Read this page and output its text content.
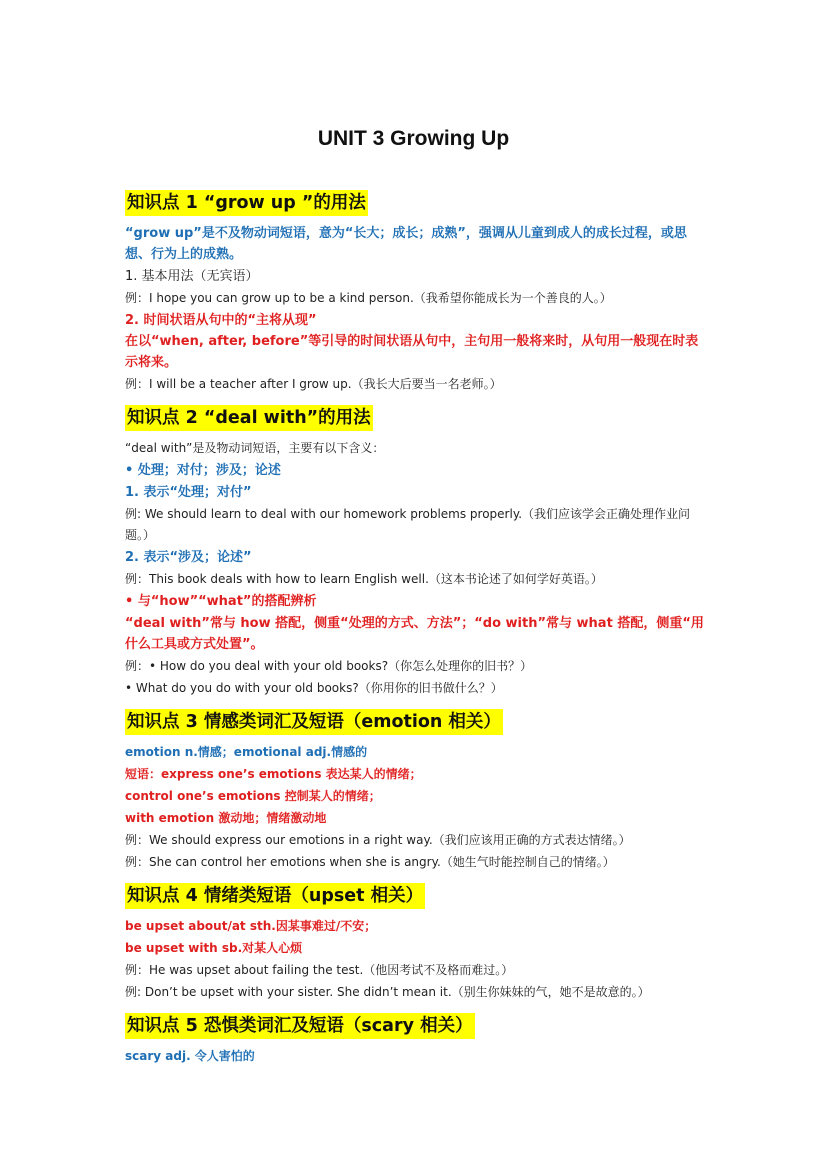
UNIT 3 Growing Up
知识点 1 “grow up ”的用法
“grow up”是不及物动词短语，意为“长大；成长；成熟”，强调从儿童到成人的成长过程，或思想、行为上的成熟。
1. 基本用法（无宾语）
例：I hope you can grow up to be a kind person.（我希望你能成长为一个善良的人。）
2. 时间状语从句中的“主将从现”
在以“when, after, before”等引导的时间状语从句中，主句用一般将来时，从句用一般现在时表示将来。
例：I will be a teacher after I grow up.（我长大后要当一名老师。）
知识点 2 “deal with”的用法
“deal with”是及物动词短语，主要有以下含义：
• 处理；对付；涉及；论述
1. 表示“处理；对付”
例: We should learn to deal with our homework problems properly.（我们应该学会正确处理作业问题。）
2. 表示“涉及；论述”
例：This book deals with how to learn English well.（这本书论述了如何学好英语。）
• 与“how”“what”的搭配辨析
“deal with”常与 how 搭配，侧重“处理的方式、方法”；“do with”常与 what 搭配，侧重“用什么工具或方式处置”。
例：• How do you deal with your old books?（你怎么处理你的旧书？）
• What do you do with your old books?（你用你的旧书做什么？）
知识点 3 情感类词汇及短语（emotion 相关）
emotion n.情感；emotional adj.情感的
短语：express one’s emotions 表达某人的情绪；
control one’s emotions 控制某人的情绪；
with emotion 激动地；情绪激动地
例：We should express our emotions in a right way.（我们应该用正确的方式表达情绪。）
例：She can control her emotions when she is angry.（她生气时能控制自己的情绪。）
知识点 4 情绪类短语（upset 相关）
be upset about/at sth.因某事难过/不安；
be upset with sb.对某人心烦
例：He was upset about failing the test.（他因考试不及格而难过。）
例: Don’t be upset with your sister. She didn’t mean it.（别生你妹妹的气，她不是故意的。）
知识点 5 恐惧类词汇及短语（scary 相关）
scary adj. 令人害怕的
